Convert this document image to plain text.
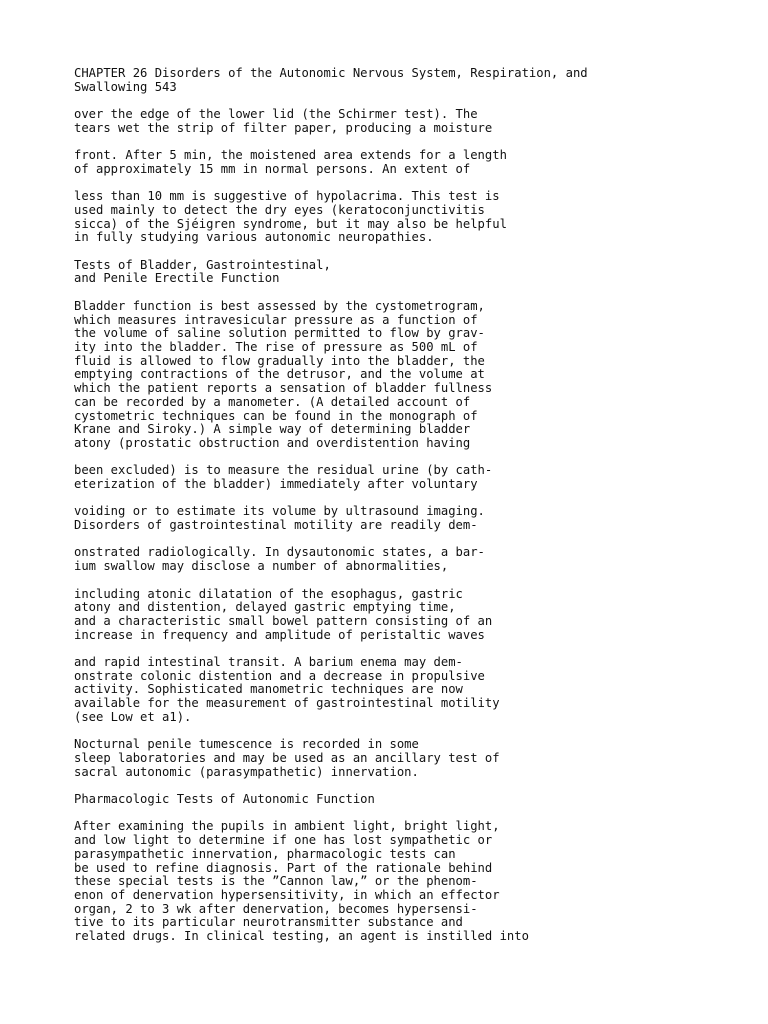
CHAPTER 26 Disorders of the Autonomic Nervous System, Respiration, and
Swallowing 543
over the edge of the lower lid (the Schirmer test). The
tears wet the strip of filter paper, producing a moisture
front. After 5 min, the moistened area extends for a length
of approximately 15 mm in normal persons. An extent of
less than 10 mm is suggestive of hypolacrima. This test is
used mainly to detect the dry eyes (keratoconjunctivitis
sicca) of the Sjéigren syndrome, but it may also be helpful
in fully studying various autonomic neuropathies.
Tests of Bladder, Gastrointestinal,
and Penile Erectile Function
Bladder function is best assessed by the cystometrogram,
which measures intravesicular pressure as a function of
the volume of saline solution permitted to flow by grav-
ity into the bladder. The rise of pressure as 500 mL of
fluid is allowed to flow gradually into the bladder, the
emptying contractions of the detrusor, and the volume at
which the patient reports a sensation of bladder fullness
can be recorded by a manometer. (A detailed account of
cystometric techniques can be found in the monograph of
Krane and Siroky.) A simple way of determining bladder
atony (prostatic obstruction and overdistention having
been excluded) is to measure the residual urine (by cath-
eterization of the bladder) immediately after voluntary
voiding or to estimate its volume by ultrasound imaging.
Disorders of gastrointestinal motility are readily dem-
onstrated radiologically. In dysautonomic states, a bar-
ium swallow may disclose a number of abnormalities,
including atonic dilatation of the esophagus, gastric
atony and distention, delayed gastric emptying time,
and a characteristic small bowel pattern consisting of an
increase in frequency and amplitude of peristaltic waves
and rapid intestinal transit. A barium enema may dem-
onstrate colonic distention and a decrease in propulsive
activity. Sophisticated manometric techniques are now
available for the measurement of gastrointestinal motility
(see Low et a1).
Nocturnal penile tumescence is recorded in some
sleep laboratories and may be used as an ancillary test of
sacral autonomic (parasympathetic) innervation.
Pharmacologic Tests of Autonomic Function
After examining the pupils in ambient light, bright light,
and low light to determine if one has lost sympathetic or
parasympathetic innervation, pharmacologic tests can
be used to refine diagnosis. Part of the rationale behind
these special tests is the ”Cannon law,” or the phenom-
enon of denervation hypersensitivity, in which an effector
organ, 2 to 3 wk after denervation, becomes hypersensi-
tive to its particular neurotransmitter substance and
related drugs. In clinical testing, an agent is instilled into
